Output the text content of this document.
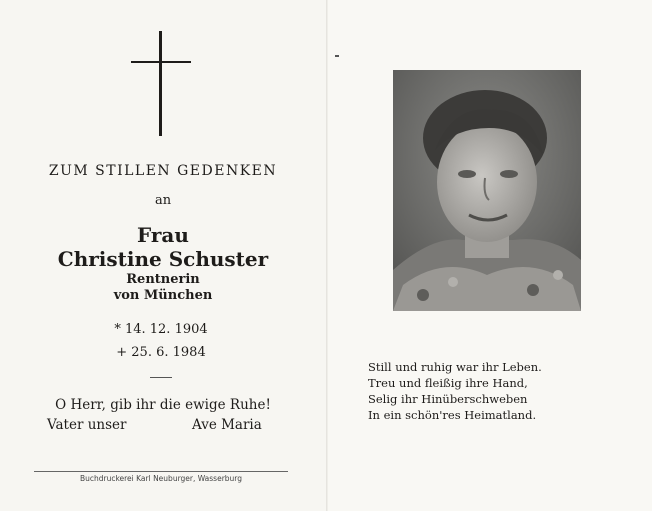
ZUM STILLEN GEDENKEN
an
Frau
Christine Schuster
Rentnerin
von München
* 14. 12. 1904
+ 25. 6. 1984
O Herr, gib ihr die ewige Ruhe!
Vater unser	Ave Maria
Buchdruckerei Karl Neuburger, Wasserburg
Still und ruhig war ihr Leben.
Treu und fleißig ihre Hand,
Selig ihr Hinüberschweben
In ein schön'res Heimatland.
